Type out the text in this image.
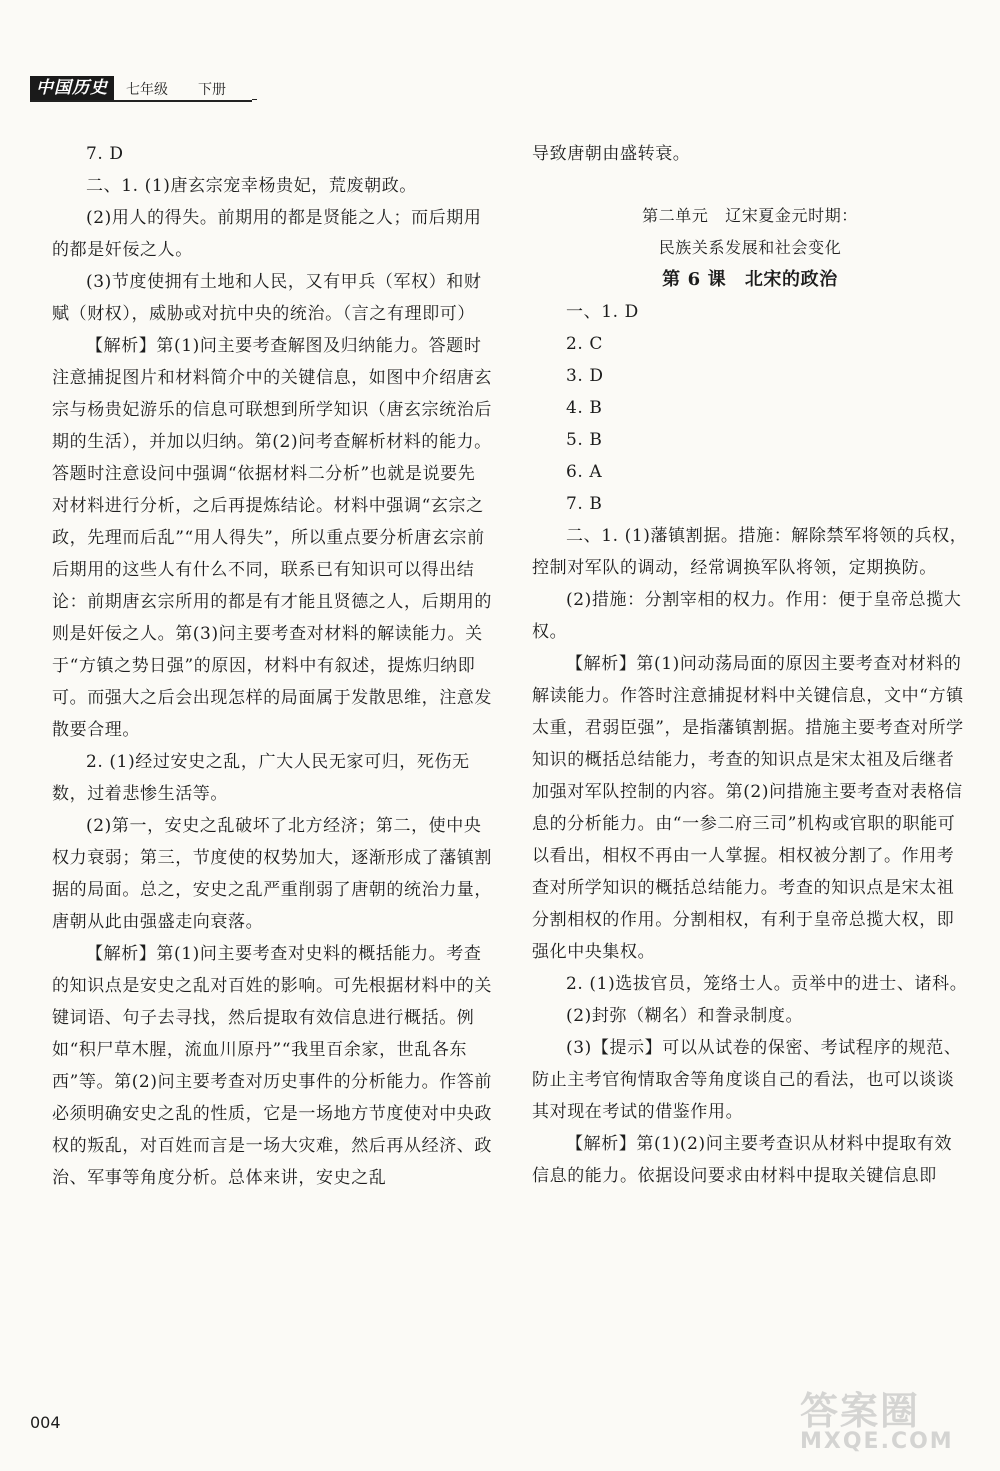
中国历史	七年级 下册

7. D

二、1. (1)唐玄宗宠幸杨贵妃，荒废朝政。

(2)用人的得失。前期用的都是贤能之人；而后期用的都是奸佞之人。

(3)节度使拥有土地和人民，又有甲兵（军权）和财赋（财权），威胁或对抗中央的统治。（言之有理即可）

【解析】第(1)问主要考查解图及归纳能力。答题时注意捕捉图片和材料简介中的关键信息，如图中介绍唐玄宗与杨贵妃游乐的信息可联想到所学知识（唐玄宗统治后期的生活），并加以归纳。第(2)问考查解析材料的能力。答题时注意设问中强调“依据材料二分析”也就是说要先对材料进行分析，之后再提炼结论。材料中强调“玄宗之政，先理而后乱”“用人得失”，所以重点要分析唐玄宗前后期用的这些人有什么不同，联系已有知识可以得出结论：前期唐玄宗所用的都是有才能且贤德之人，后期用的则是奸佞之人。第(3)问主要考查对材料的解读能力。关于“方镇之势日强”的原因，材料中有叙述，提炼归纳即可。而强大之后会出现怎样的局面属于发散思维，注意发散要合理。

2. (1)经过安史之乱，广大人民无家可归，死伤无数，过着悲惨生活等。

(2)第一，安史之乱破坏了北方经济；第二，使中央权力衰弱；第三，节度使的权势加大，逐渐形成了藩镇割据的局面。总之，安史之乱严重削弱了唐朝的统治力量，唐朝从此由强盛走向衰落。

【解析】第(1)问主要考查对史料的概括能力。考查的知识点是安史之乱对百姓的影响。可先根据材料中的关键词语、句子去寻找，然后提取有效信息进行概括。例如“积尸草木腥，流血川原丹”“我里百余家，世乱各东西”等。第(2)问主要考查对历史事件的分析能力。作答前必须明确安史之乱的性质，它是一场地方节度使对中央政权的叛乱，对百姓而言是一场大灾难，然后再从经济、政治、军事等角度分析。总体来讲，安史之乱

导致唐朝由盛转衰。

第二单元　辽宋夏金元时期：

民族关系发展和社会变化

第 6 课　北宋的政治

一、1. D

2. C

3. D

4. B

5. B

6. A

7. B

二、1. (1)藩镇割据。措施：解除禁军将领的兵权，控制对军队的调动，经常调换军队将领，定期换防。

(2)措施：分割宰相的权力。作用：便于皇帝总揽大权。

【解析】第(1)问动荡局面的原因主要考查对材料的解读能力。作答时注意捕捉材料中关键信息，文中“方镇太重，君弱臣强”，是指藩镇割据。措施主要考查对所学知识的概括总结能力，考查的知识点是宋太祖及后继者加强对军队控制的内容。第(2)问措施主要考查对表格信息的分析能力。由“一参二府三司”机构或官职的职能可以看出，相权不再由一人掌握。相权被分割了。作用考查对所学知识的概括总结能力。考查的知识点是宋太祖分割相权的作用。分割相权，有利于皇帝总揽大权，即强化中央集权。

2. (1)选拔官员，笼络士人。贡举中的进士、诸科。

(2)封弥（糊名）和誊录制度。

(3)【提示】可以从试卷的保密、考试程序的规范、防止主考官徇情取舍等角度谈自己的看法，也可以谈谈其对现在考试的借鉴作用。

【解析】第(1)(2)问主要考查识从材料中提取有效信息的能力。依据设问要求由材料中提取关键信息即

004	答案圈
MXQE.COM
